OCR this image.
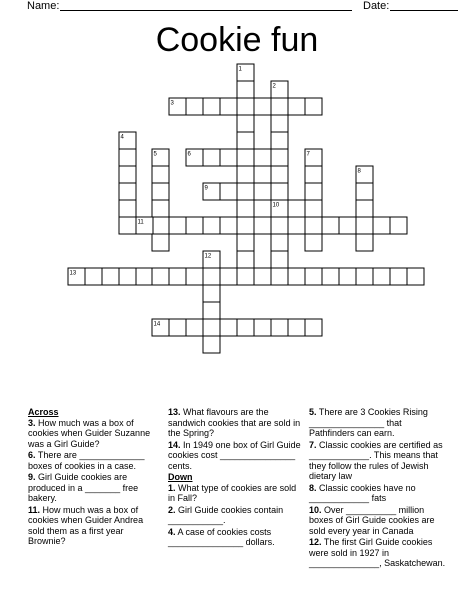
Name:	Date:
Cookie fun
1
2
3
4
5	6	7
8
9
10
11
12
13
14
Across
3. How much was a box of cookies when Guider Suzanne was a Girl Guide?
6. There are _____________ boxes of cookies in a case.
9. Girl Guide cookies are produced in a _______ free bakery.
11. How much was a box of cookies when Guider Andrea sold them as a first year Brownie?
13. What flavours are the sandwich cookies that are sold in the Spring?
14. In 1949 one box of Girl Guide cookies cost _______________ cents.
Down
1. What type of cookies are sold in Fall?
2. Girl Guide cookies contain ___________.
4. A case of cookies costs _______________ dollars.
5. There are 3 Cookies Rising _______________ that Pathfinders can earn.
7. Classic cookies are certified as ____________. This means that they follow the rules of Jewish dietary law
8. Classic cookies have no ____________ fats
10. Over __________ million boxes of Girl Guide cookies are sold every year in Canada
12. The first Girl Guide cookies were sold in 1927 in ______________, Saskatchewan.
